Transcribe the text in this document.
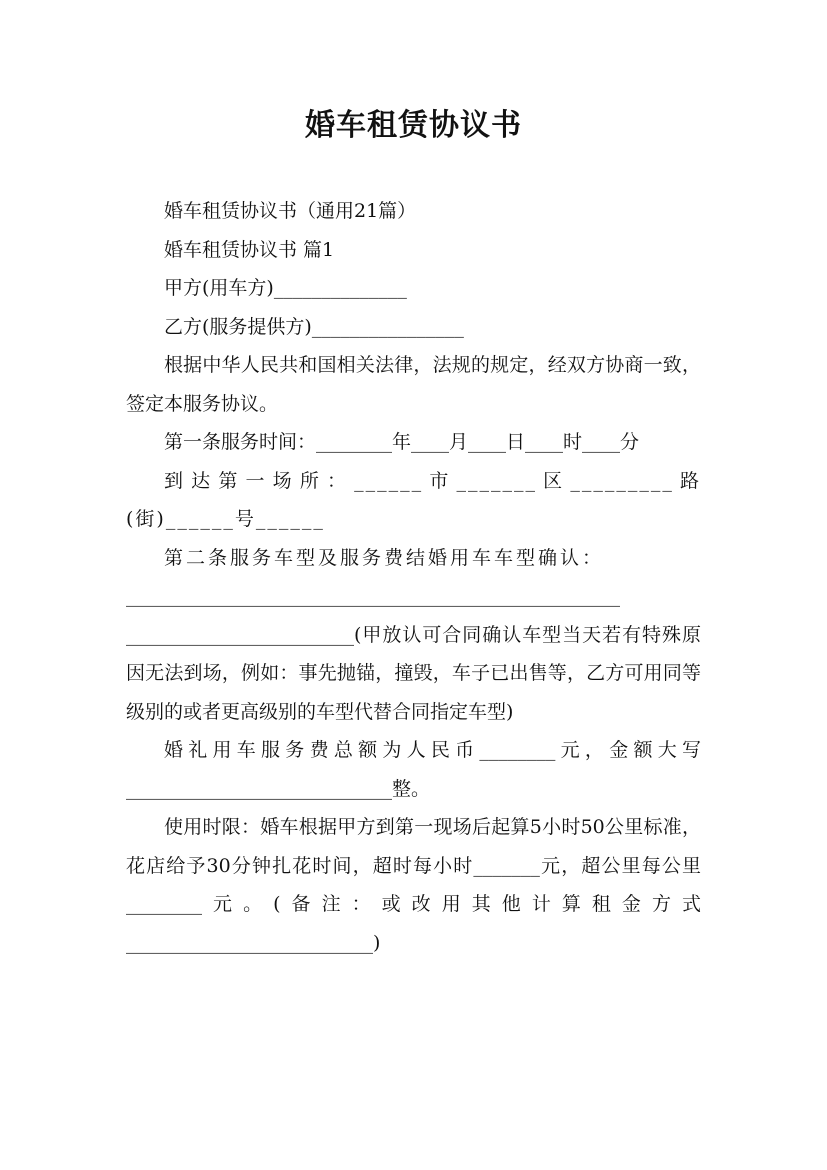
婚车租赁协议书

婚车租赁协议书（通用21篇）

婚车租赁协议书 篇1

甲方(用车方)______________

乙方(服务提供方)________________

根据中华人民共和国相关法律，法规的规定，经双方协商一致，签定本服务协议。

第一条服务时间：________年____月____日____时____分

到达第一场所：______市_______区_________路(街)______号______

第二条服务车型及服务费结婚用车车型确认：

____________________________________________________

________________________(甲放认可合同确认车型当天若有特殊原因无法到场，例如：事先抛锚，撞毁，车子已出售等，乙方可用同等级别的或者更高级别的车型代替合同指定车型)

婚礼用车服务费总额为人民币________元，金额大写____________________________整。

使用时限：婚车根据甲方到第一现场后起算5小时50公里标准，花店给予30分钟扎花时间，超时每小时_______元，超公里每公里________元。(备注：或改用其他计算租金方式__________________________)
